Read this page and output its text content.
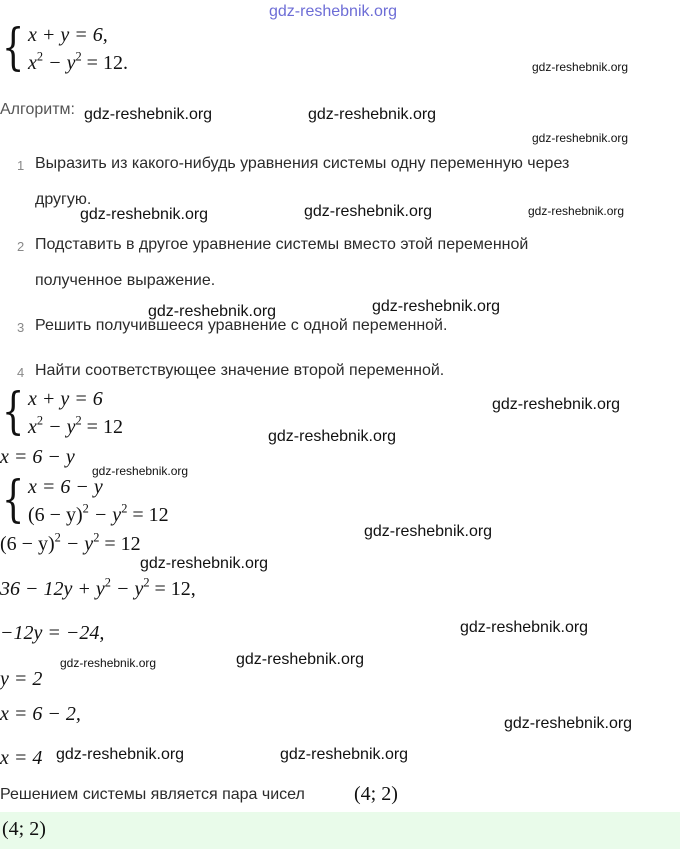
gdz-reshebnik.org
{ x + y = 6,
$x^2 - y^2 = 12$.	gdz-reshebnik.org
Алгоритм: gdz-reshebnik.org	gdz-reshebnik.org
gdz-reshebnik.org
1 Выразить из какого-нибудь уравнения системы одну переменную через
другую.
gdz-reshebnik.org	gdz-reshebnik.org	gdz-reshebnik.org
2 Подставить в другое уравнение системы вместо этой переменной
полученное выражение.
gdz-reshebnik.org	gdz-reshebnik.org
3 Решить получившееся уравнение с одной переменной.
4 Найти соответствующее значение второй переменной.
{ x + y = 6
$x^2 - y^2 = 12$
gdz-reshebnik.org
gdz-reshebnik.org
x = 6 − y
gdz-reshebnik.org
{ x = 6 − y
$(6 - y)^2 - y^2 = 12$
gdz-reshebnik.org
$(6 - y)^2 - y^2 = 12$
gdz-reshebnik.org
$36 - 12y + y^2 - y^2 = 12$,
−12y = −24,	gdz-reshebnik.org
gdz-reshebnik.org	gdz-reshebnik.org
y = 2
x = 6 − 2,	gdz-reshebnik.org
x = 4 gdz-reshebnik.org	gdz-reshebnik.org
Решением системы является пара чисел (4; 2)
(4; 2)
